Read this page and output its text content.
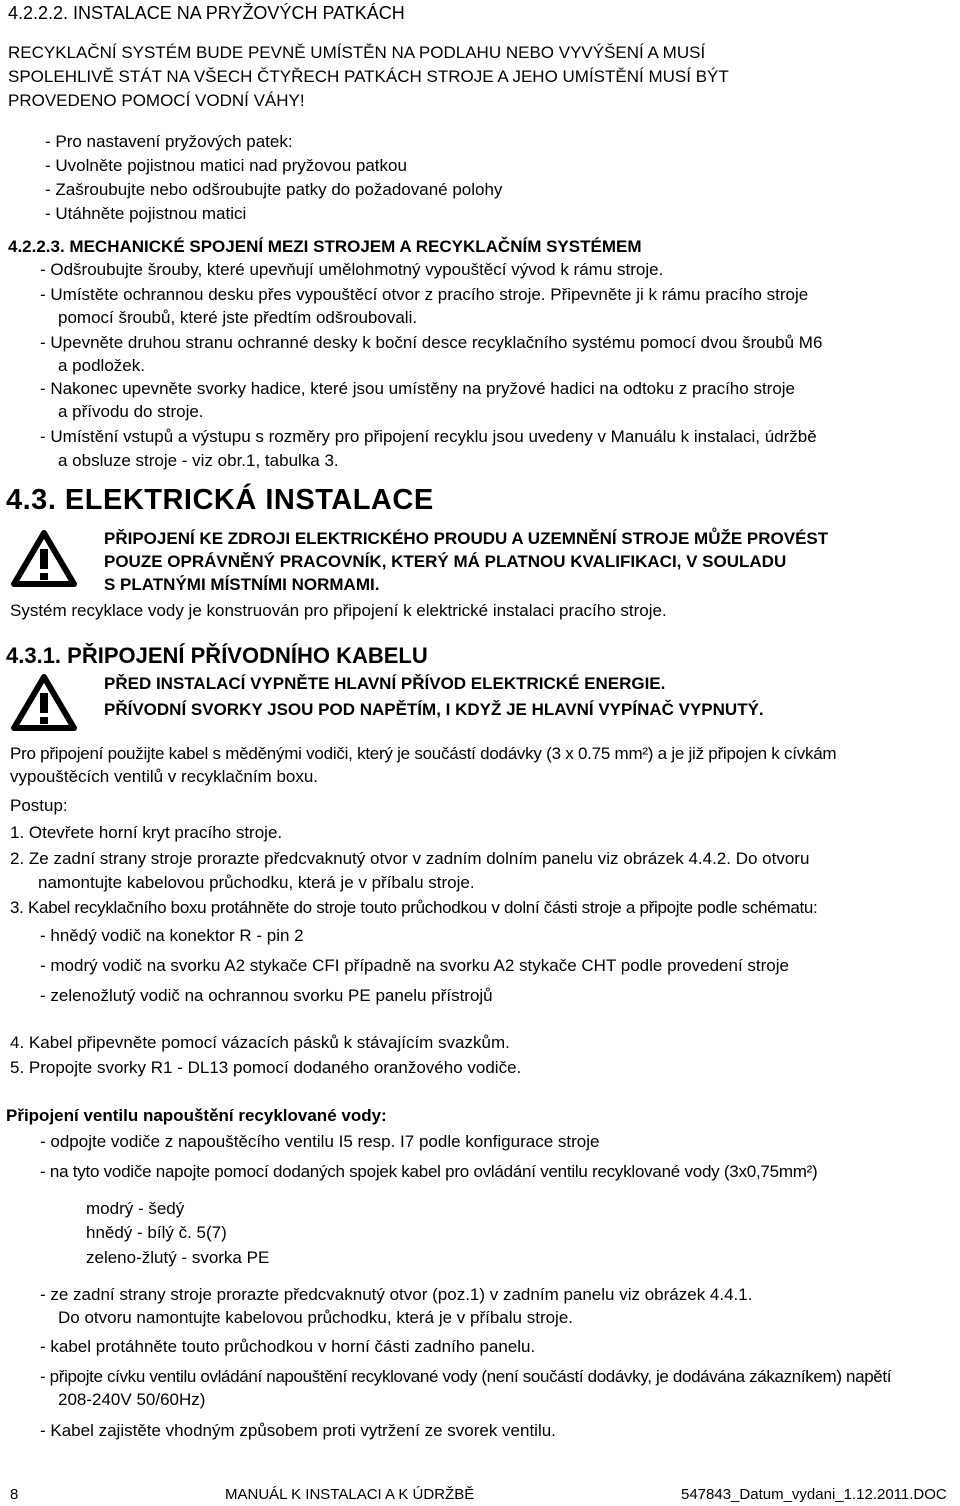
4.2.2.2. INSTALACE NA PRYŽOVÝCH PATKÁCH
RECYKLAČNÍ SYSTÉM BUDE PEVNĚ UMÍSTĚN NA PODLAHU NEBO VYVÝŠENÍ A MUSÍ
SPOLEHLIVĚ STÁT NA VŠECH ČTYŘECH PATKÁCH STROJE A JEHO UMÍSTĚNÍ MUSÍ BÝT
PROVEDENO POMOCÍ VODNÍ VÁHY!
- Pro nastavení pryžových patek:
- Uvolněte pojistnou matici nad pryžovou patkou
- Zašroubujte nebo odšroubujte patky do požadované polohy
- Utáhněte pojistnou matici
4.2.2.3. MECHANICKÉ SPOJENÍ MEZI STROJEM A RECYKLAČNÍM SYSTÉMEM
- Odšroubujte šrouby, které upevňují umělohmotný vypouštěcí vývod k rámu stroje.
- Umístěte ochrannou desku přes vypouštěcí otvor z pracího stroje. Připevněte ji k rámu pracího stroje
pomocí šroubů, které jste předtím odšroubovali.
- Upevněte druhou stranu ochranné desky k boční desce recyklačního systému pomocí dvou šroubů M6
a podložek.
- Nakonec upevněte svorky hadice, které jsou umístěny na pryžové hadici na odtoku z pracího stroje
a přívodu do stroje.
- Umístění vstupů a výstupu s rozměry pro připojení recyklu jsou uvedeny v Manuálu k instalaci, údržbě
a obsluze stroje - viz obr.1, tabulka 3.
4.3. ELEKTRICKÁ INSTALACE
PŘIPOJENÍ KE ZDROJI ELEKTRICKÉHO PROUDU A UZEMNĚNÍ STROJE MŮŽE PROVÉST
POUZE OPRÁVNĚNÝ PRACOVNÍK, KTERÝ MÁ PLATNOU KVALIFIKACI, V SOULADU
S PLATNÝMI MÍSTNÍMI NORMAMI.
Systém recyklace vody je konstruován pro připojení k elektrické instalaci pracího stroje.
4.3.1. PŘIPOJENÍ PŘÍVODNÍHO KABELU
PŘED INSTALACÍ VYPNĚTE HLAVNÍ PŘÍVOD ELEKTRICKÉ ENERGIE.
PŘÍVODNÍ SVORKY JSOU POD NAPĚTÍM, I KDYŽ JE HLAVNÍ VYPÍNAČ VYPNUTÝ.
Pro připojení použijte kabel s měděnými vodiči, který je součástí dodávky (3 x 0.75 mm²) a je již připojen k cívkám
vypouštěcích ventilů v recyklačním boxu.
Postup:
1. Otevřete horní kryt pracího stroje.
2. Ze zadní strany stroje prorazte předcvaknutý otvor v zadním dolním panelu viz obrázek 4.4.2. Do otvoru
namontujte kabelovou průchodku, která je v příbalu stroje.
3. Kabel recyklačního boxu protáhněte do stroje touto průchodkou v dolní části stroje a připojte podle schématu:
- hnědý vodič na konektor R - pin 2
- modrý vodič na svorku A2 stykače CFI případně na svorku A2 stykače CHT podle provedení stroje
- zelenožlutý vodič na ochrannou svorku PE panelu přístrojů
4. Kabel připevněte pomocí vázacích pásků k stávajícím svazkům.
5. Propojte svorky R1 - DL13 pomocí dodaného oranžového vodiče.
Připojení ventilu napouštění recyklované vody:
- odpojte vodiče z napouštěcího ventilu I5 resp. I7 podle konfigurace stroje
- na tyto vodiče napojte pomocí dodaných spojek kabel pro ovládání ventilu recyklované vody (3x0,75mm²)
modrý - šedý
hnědý - bílý č. 5(7)
zeleno-žlutý - svorka PE
- ze zadní strany stroje prorazte předcvaknutý otvor (poz.1) v zadním panelu viz obrázek 4.4.1.
Do otvoru namontujte kabelovou průchodku, která je v příbalu stroje.
- kabel protáhněte touto průchodkou v horní části zadního panelu.
- připojte cívku ventilu ovládání napouštění recyklované vody (není součástí dodávky, je dodávána zákazníkem) napětí
208-240V 50/60Hz)
- Kabel zajistěte vhodným způsobem proti vytržení ze svorek ventilu.
8	MANUÁL K INSTALACI A K ÚDRŽBĚ	547843_Datum_vydani_1.12.2011.DOC
